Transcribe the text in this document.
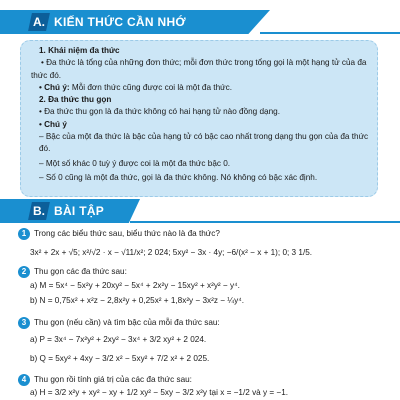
A. KIẾN THỨC CẦN NHỚ
1. Khái niệm đa thức
• Đa thức là tổng của những đơn thức; mỗi đơn thức trong tổng gọi là một hạng tử của đa thức đó.
• Chú ý: Mỗi đơn thức cũng được coi là một đa thức.
2. Đa thức thu gọn
• Đa thức thu gọn là đa thức không có hai hạng tử nào đồng dạng.
• Chú ý
– Bậc của một đa thức là bậc của hạng tử có bậc cao nhất trong dạng thu gọn của đa thức đó.
– Một số khác 0 tuỳ ý được coi là một đa thức bậc 0.
– Số 0 cũng là một đa thức, gọi là đa thức không. Nó không có bậc xác định.
B. BÀI TẬP
1 Trong các biểu thức sau, biểu thức nào là đa thức?
3x² + 2x + √5; x²/√2 · x − √11/x²; 2 024; 5xy² − 3x · 4y; −6/(x² − x + 1); 0; 3 1/5.
2 Thu gọn các đa thức sau:
a) M = 5x⁴ − 5x²y + 20xy² − 5x⁴ + 2x²y − 15xy² + x²y² − y⁴.
b) N = 0,75x² + x²z − 2,8x²y + 0,25x² + 1,8x²y − 3x²z − ¼y⁴.
3 Thu gọn (nếu cần) và tìm bậc của mỗi đa thức sau:
a) P = 3x⁴ − 7x²y² + 2xy² − 3x⁴ + 3/2 xy² + 2 024.
b) Q = 5xy² + 4xy − 3/2 x² − 5xy² + 7/2 x² + 2 025.
4 Thu gọn rồi tính giá trị của các đa thức sau:
a) H = 3/2 x²y + xy² − xy + 1/2 xy² − 5xy − 3/2 x²y tại x = −1/2 và y = −1.
